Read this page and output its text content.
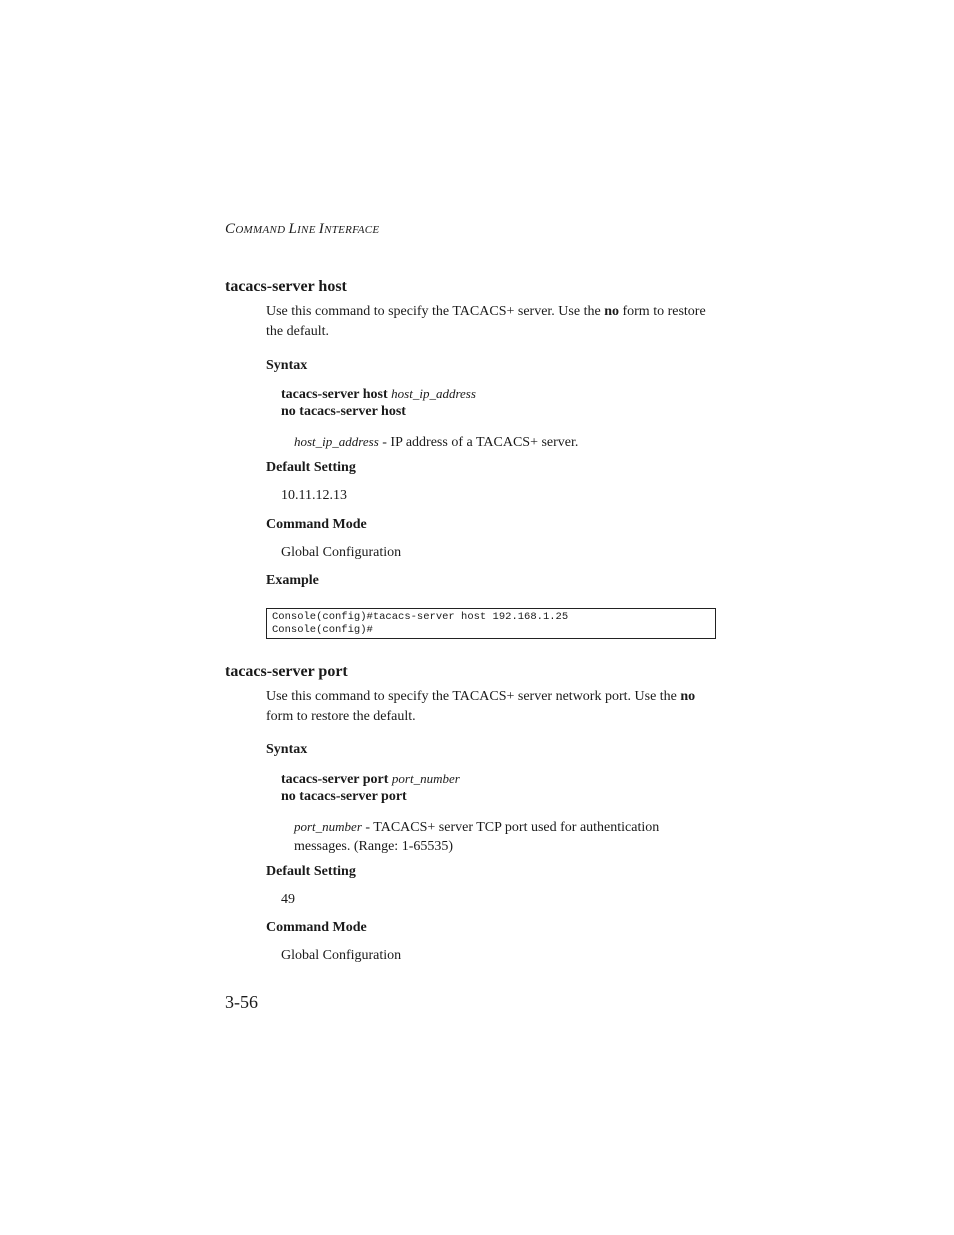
COMMAND LINE INTERFACE
tacacs-server host
Use this command to specify the TACACS+ server. Use the no form to restore the default.
Syntax
tacacs-server host host_ip_address
no tacacs-server host
host_ip_address - IP address of a TACACS+ server.
Default Setting
10.11.12.13
Command Mode
Global Configuration
Example
Console(config)#tacacs-server host 192.168.1.25
Console(config)#
tacacs-server port
Use this command to specify the TACACS+ server network port. Use the no form to restore the default.
Syntax
tacacs-server port port_number
no tacacs-server port
port_number - TACACS+ server TCP port used for authentication messages. (Range: 1-65535)
Default Setting
49
Command Mode
Global Configuration
3-56
